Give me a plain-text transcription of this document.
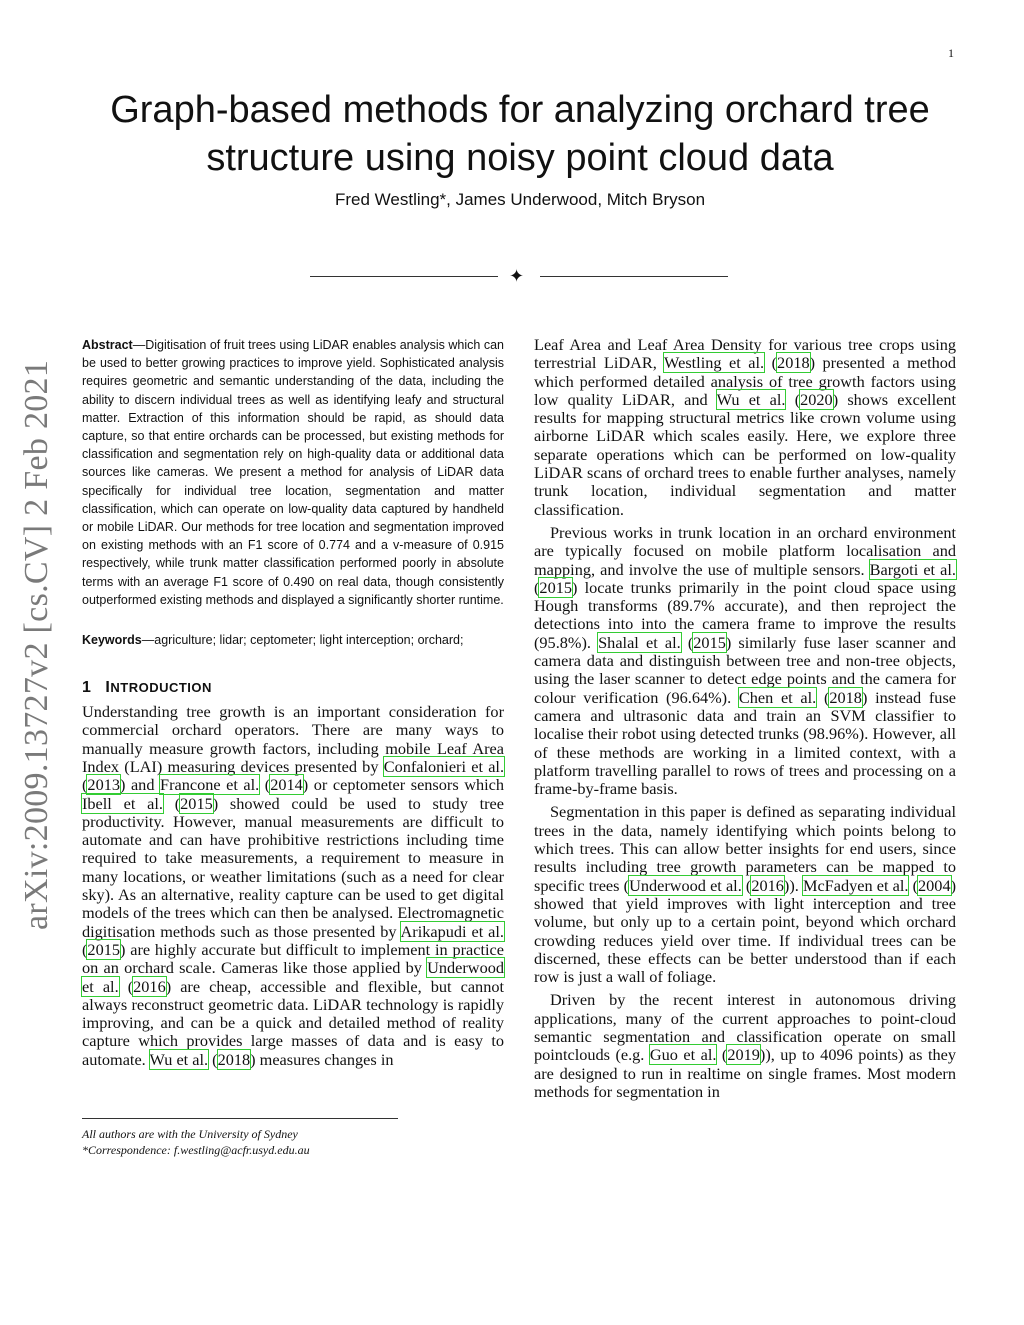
1
arXiv:2009.13727v2 [cs.CV] 2 Feb 2021
Graph-based methods for analyzing orchard tree
structure using noisy point cloud data
Fred Westling*, James Underwood, Mitch Bryson
✦

Abstract—Digitisation of fruit trees using LiDAR enables analysis which can be used to better growing practices to improve yield. Sophisticated analysis requires geometric and semantic understanding of the data, including the ability to discern individual trees as well as identifying leafy and structural matter. Extraction of this information should be rapid, as should data capture, so that entire orchards can be processed, but existing methods for classification and segmentation rely on high-quality data or additional data sources like cameras. We present a method for analysis of LiDAR data specifically for individual tree location, segmentation and matter classification, which can operate on low-quality data captured by handheld or mobile LiDAR. Our methods for tree location and segmentation improved on existing methods with an F1 score of 0.774 and a v-measure of 0.915 respectively, while trunk matter classification performed poorly in absolute terms with an average F1 score of 0.490 on real data, though consistently outperformed existing methods and displayed a significantly shorter runtime.

Keywords—agriculture; lidar; ceptometer; light interception; orchard;

1 INTRODUCTION

Understanding tree growth is an important consideration for commercial orchard operators. There are many ways to manually measure growth factors, including mobile Leaf Area Index (LAI) measuring devices presented by Confalonieri et al. (2013) and Francone et al. (2014) or ceptometer sensors which Ibell et al. (2015) showed could be used to study tree productivity. However, manual measurements are difficult to automate and can have prohibitive restrictions including time required to take measurements, a requirement to measure in many locations, or weather limitations (such as a need for clear sky). As an alternative, reality capture can be used to get digital models of the trees which can then be analysed. Electromagnetic digitisation methods such as those presented by Arikapudi et al. (2015) are highly accurate but difficult to implement in practice on an orchard scale. Cameras like those applied by Underwood et al. (2016) are cheap, accessible and flexible, but cannot always reconstruct geometric data. LiDAR technology is rapidly improving, and can be a quick and detailed method of reality capture which provides large masses of data and is easy to automate. Wu et al. (2018) measures changes in

All authors are with the University of Sydney
*Correspondence: f.westling@acfr.usyd.edu.au

Leaf Area and Leaf Area Density for various tree crops using terrestrial LiDAR, Westling et al. (2018) presented a method which performed detailed analysis of tree growth factors using low quality LiDAR, and Wu et al. (2020) shows excellent results for mapping structural metrics like crown volume using airborne LiDAR which scales easily. Here, we explore three separate operations which can be performed on low-quality LiDAR scans of orchard trees to enable further analyses, namely trunk location, individual segmentation and matter classification.

Previous works in trunk location in an orchard environment are typically focused on mobile platform localisation and mapping, and involve the use of multiple sensors. Bargoti et al. (2015) locate trunks primarily in the point cloud space using Hough transforms (89.7% accurate), and then reproject the detections into into the camera frame to improve the results (95.8%). Shalal et al. (2015) similarly fuse laser scanner and camera data and distinguish between tree and non-tree objects, using the laser scanner to detect edge points and the camera for colour verification (96.64%). Chen et al. (2018) instead fuse camera and ultrasonic data and train an SVM classifier to localise their robot using detected trunks (98.96%). However, all of these methods are working in a limited context, with a platform travelling parallel to rows of trees and processing on a frame-by-frame basis.

Segmentation in this paper is defined as separating individual trees in the data, namely identifying which points belong to which trees. This can allow better insights for end users, since results including tree growth parameters can be mapped to specific trees (Underwood et al. (2016)). McFadyen et al. (2004) showed that yield improves with light interception and tree volume, but only up to a certain point, beyond which orchard crowding reduces yield over time. If individual trees can be discerned, these effects can be better understood than if each row is just a wall of foliage.

Driven by the recent interest in autonomous driving applications, many of the current approaches to point-cloud semantic segmentation and classification operate on small pointclouds (e.g. Guo et al. (2019)), up to 4096 points) as they are designed to run in realtime on single frames. Most modern methods for segmentation in
